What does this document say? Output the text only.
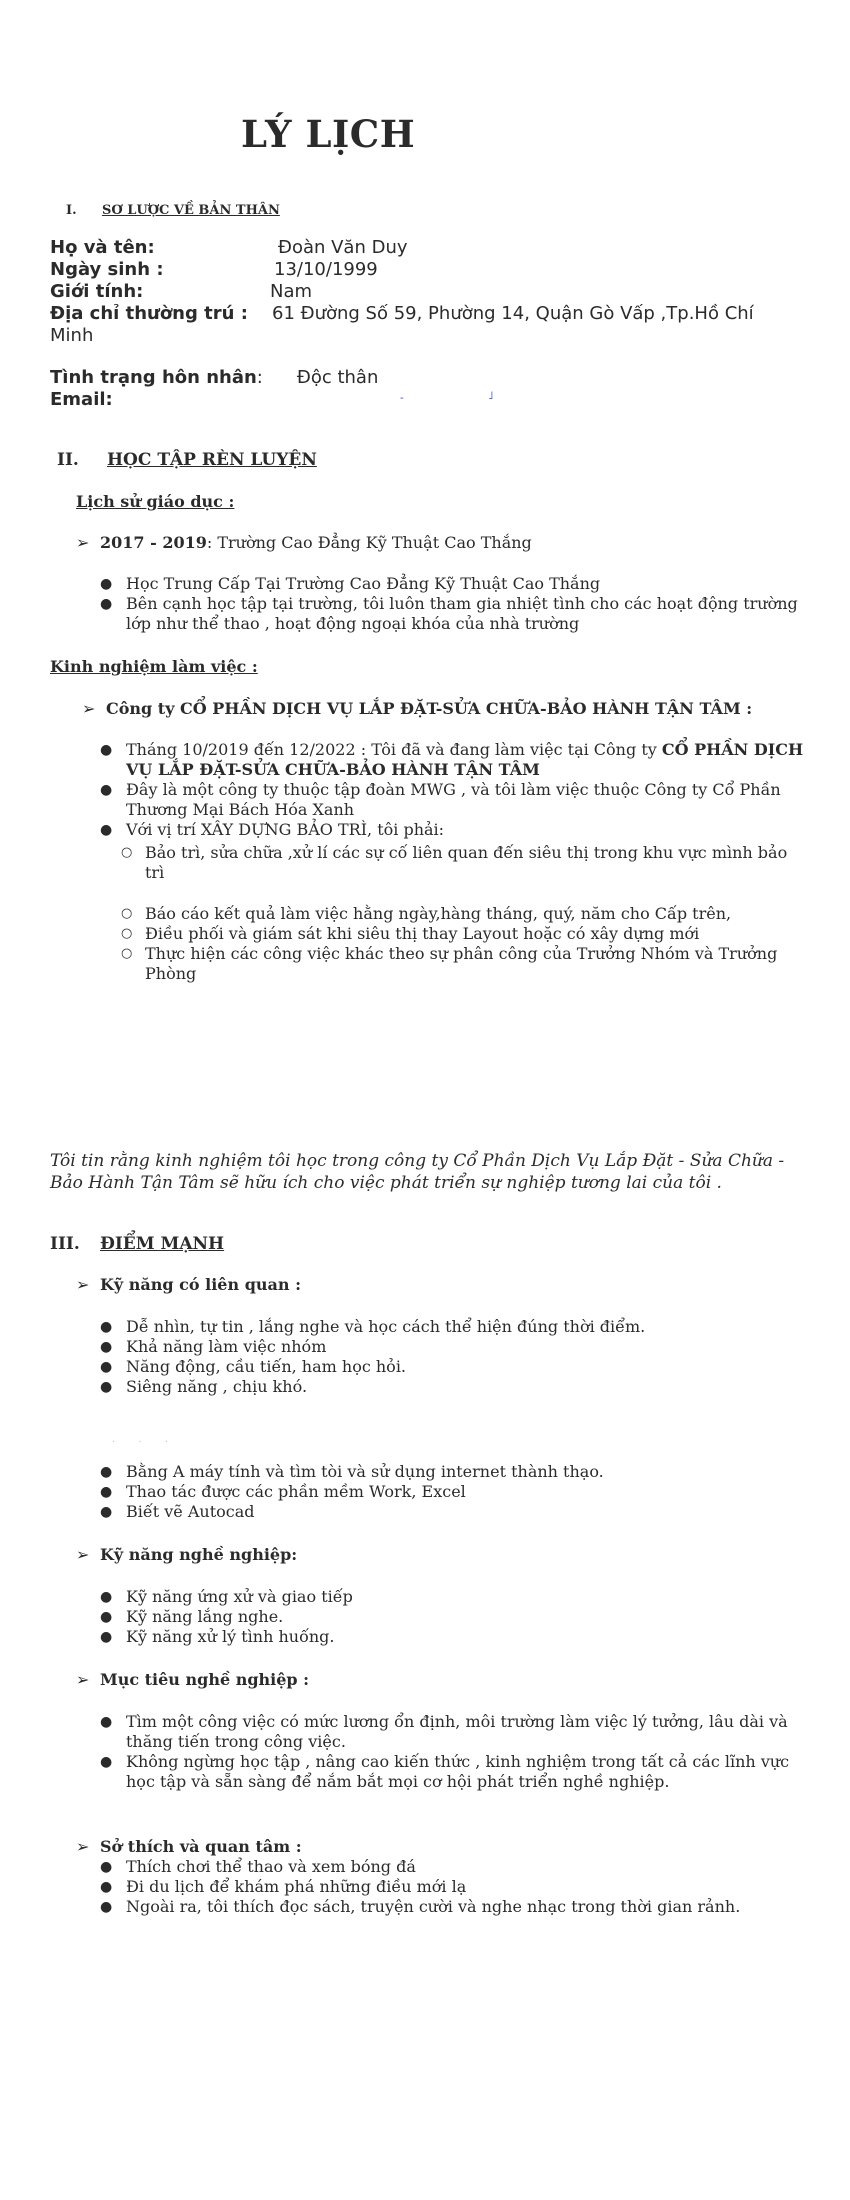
LÝ LỊCH
I. SƠ LƯỢC VỀ BẢN THÂN
Họ và tên:	Đoàn Văn Duy
Ngày sinh :	13/10/1999
Giới tính:	Nam
Địa chỉ thường trú : 61 Đường Số 59, Phường 14, Quận Gò Vấp ,Tp.Hồ Chí
Minh
Tình trạng hôn nhân: Độc thân
Email:	‐	˩
II. HỌC TẬP RÈN LUYỆN
Lịch sử giáo dục :
➢ 2017 - 2019: Trường Cao Đẳng Kỹ Thuật Cao Thắng
● Học Trung Cấp Tại Trường Cao Đẳng Kỹ Thuật Cao Thắng
● Bên cạnh học tập tại trường, tôi luôn tham gia nhiệt tình cho các hoạt động trường lớp như thể thao , hoạt động ngoại khóa của nhà trường
Kinh nghiệm làm việc :
➢ Công ty CỔ PHẦN DỊCH VỤ LẮP ĐẶT-SỬA CHỮA-BẢO HÀNH TẬN TÂM :
● Tháng 10/2019 đến 12/2022 : Tôi đã và đang làm việc tại Công ty CỔ PHẦN DỊCH VỤ LẮP ĐẶT-SỬA CHỮA-BẢO HÀNH TẬN TÂM
● Đây là một công ty thuộc tập đoàn MWG , và tôi làm việc thuộc Công ty Cổ Phần Thương Mại Bách Hóa Xanh
● Với vị trí XÂY DỰNG BẢO TRÌ, tôi phải:
○ Bảo trì, sửa chữa ,xử lí các sự cố liên quan đến siêu thị trong khu vực mình bảo trì
○ Báo cáo kết quả làm việc hằng ngày,hàng tháng, quý, năm cho Cấp trên,
○ Điều phối và giám sát khi siêu thị thay Layout hoặc có xây dựng mới
○ Thực hiện các công việc khác theo sự phân công của Trưởng Nhóm và Trưởng Phòng

Tôi tin rằng kinh nghiệm tôi học trong công ty Cổ Phần Dịch Vụ Lắp Đặt - Sửa Chữa - Bảo Hành Tận Tâm sẽ hữu ích cho việc phát triển sự nghiệp tương lai của tôi .

III. ĐIỂM MẠNH
➢ Kỹ năng có liên quan :
● Dễ nhìn, tự tin , lắng nghe và học cách thể hiện đúng thời điểm.
● Khả năng làm việc nhóm
● Năng động, cầu tiến, ham học hỏi.
● Siêng năng , chịu khó.
· · ·
● Bằng A máy tính và tìm tòi và sử dụng internet thành thạo.
● Thao tác được các phần mềm Work, Excel
● Biết vẽ Autocad
➢ Kỹ năng nghề nghiệp:
● Kỹ năng ứng xử và giao tiếp
● Kỹ năng lắng nghe.
● Kỹ năng xử lý tình huống.
➢ Mục tiêu nghề nghiệp :
● Tìm một công việc có mức lương ổn định, môi trường làm việc lý tưởng, lâu dài và thăng tiến trong công việc.
● Không ngừng học tập , nâng cao kiến thức , kinh nghiệm trong tất cả các lĩnh vực học tập và sẵn sàng để nắm bắt mọi cơ hội phát triển nghề nghiệp.
➢ Sở thích và quan tâm :
● Thích chơi thể thao và xem bóng đá
● Đi du lịch để khám phá những điều mới lạ
● Ngoài ra, tôi thích đọc sách, truyện cười và nghe nhạc trong thời gian rảnh.
